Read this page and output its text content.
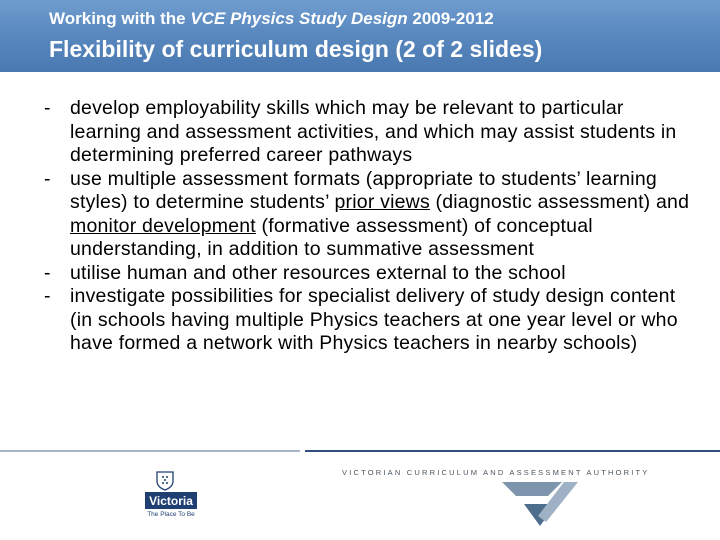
Working with the VCE Physics Study Design 2009-2012
Flexibility of curriculum design (2 of 2 slides)
- develop employability skills which may be relevant to particular learning and assessment activities, and which may assist students in determining preferred career pathways
- use multiple assessment formats (appropriate to students’ learning styles) to determine students’ prior views (diagnostic assessment) and monitor development (formative assessment) of conceptual understanding, in addition to summative assessment
- utilise human and other resources external to the school
- investigate possibilities for specialist delivery of study design content (in schools having multiple Physics teachers at one year level or who have formed a network with Physics teachers in nearby schools)
Victoria
The Place To Be
VICTORIAN CURRICULUM AND ASSESSMENT AUTHORITY
